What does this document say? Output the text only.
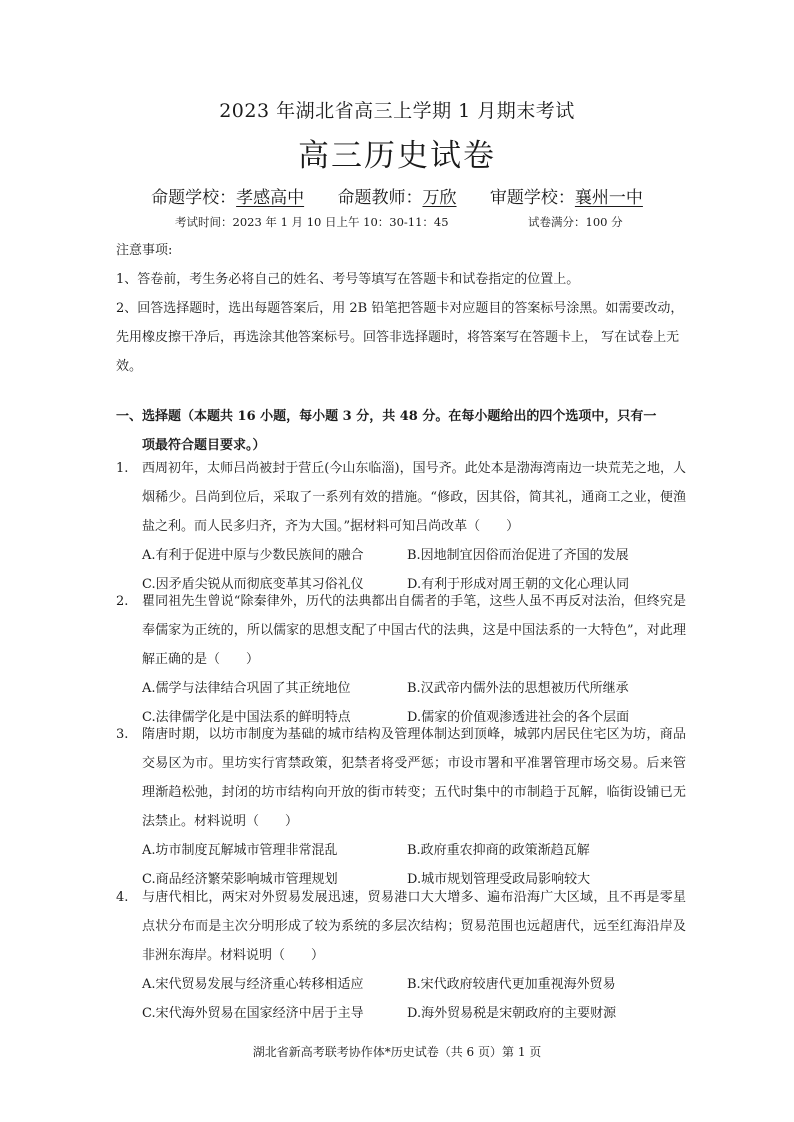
2023 年湖北省高三上学期 1 月期末考试
高三历史试卷
命题学校：孝感高中 命题教师：万欣 审题学校：襄州一中
考试时间：2023 年 1 月 10 日上午 10：30-11：45	试卷满分：100 分

注意事项:

1、答卷前，考生务必将自己的姓名、考号等填写在答题卡和试卷指定的位置上。

2、回答选择题时，选出每题答案后，用 2B 铅笔把答题卡对应题目的答案标号涂黑。如需要改动，先用橡皮擦干净后，再选涂其他答案标号。回答非选择题时，将答案写在答题卡上， 写在试卷上无效。

一、选择题（本题共 16 小题，每小题 3 分，共 48 分。在每小题给出的四个选项中，只有一
项最符合题目要求。）
1. 西周初年，太师吕尚被封于营丘(今山东临淄)，国号齐。此处本是渤海湾南边一块荒芜之地，人烟稀少。吕尚到位后，采取了一系列有效的措施。“修政，因其俗，简其礼，通商工之业，便渔盐之利。而人民多归齐，齐为大国。”据材料可知吕尚改革（　　）
A.有利于促进中原与少数民族间的融合	B.因地制宜因俗而治促进了齐国的发展
C.因矛盾尖锐从而彻底变革其习俗礼仪	D.有利于形成对周王朝的文化心理认同
2. 瞿同祖先生曾说“除秦律外，历代的法典都出自儒者的手笔，这些人虽不再反对法治，但终究是奉儒家为正统的，所以儒家的思想支配了中国古代的法典，这是中国法系的一大特色”，对此理解正确的是（　　）
A.儒学与法律结合巩固了其正统地位	B.汉武帝内儒外法的思想被历代所继承
C.法律儒学化是中国法系的鲜明特点	D.儒家的价值观渗透进社会的各个层面
3. 隋唐时期，以坊市制度为基础的城市结构及管理体制达到顶峰，城郭内居民住宅区为坊，商品交易区为市。里坊实行宵禁政策，犯禁者将受严惩；市设市署和平准署管理市场交易。后来管理渐趋松弛，封闭的坊市结构向开放的街市转变；五代时集中的市制趋于瓦解，临街设铺已无法禁止。材料说明（　　）
A.坊市制度瓦解城市管理非常混乱	B.政府重农抑商的政策渐趋瓦解
C.商品经济繁荣影响城市管理规划	D.城市规划管理受政局影响较大
4. 与唐代相比，两宋对外贸易发展迅速，贸易港口大大增多、遍布沿海广大区域，且不再是零星点状分布而是主次分明形成了较为系统的多层次结构；贸易范围也远超唐代，远至红海沿岸及非洲东海岸。材料说明（　　）
A.宋代贸易发展与经济重心转移相适应	B.宋代政府较唐代更加重视海外贸易
C.宋代海外贸易在国家经济中居于主导	D.海外贸易税是宋朝政府的主要财源
湖北省新高考联考协作体*历史试卷（共 6 页）第 1 页
